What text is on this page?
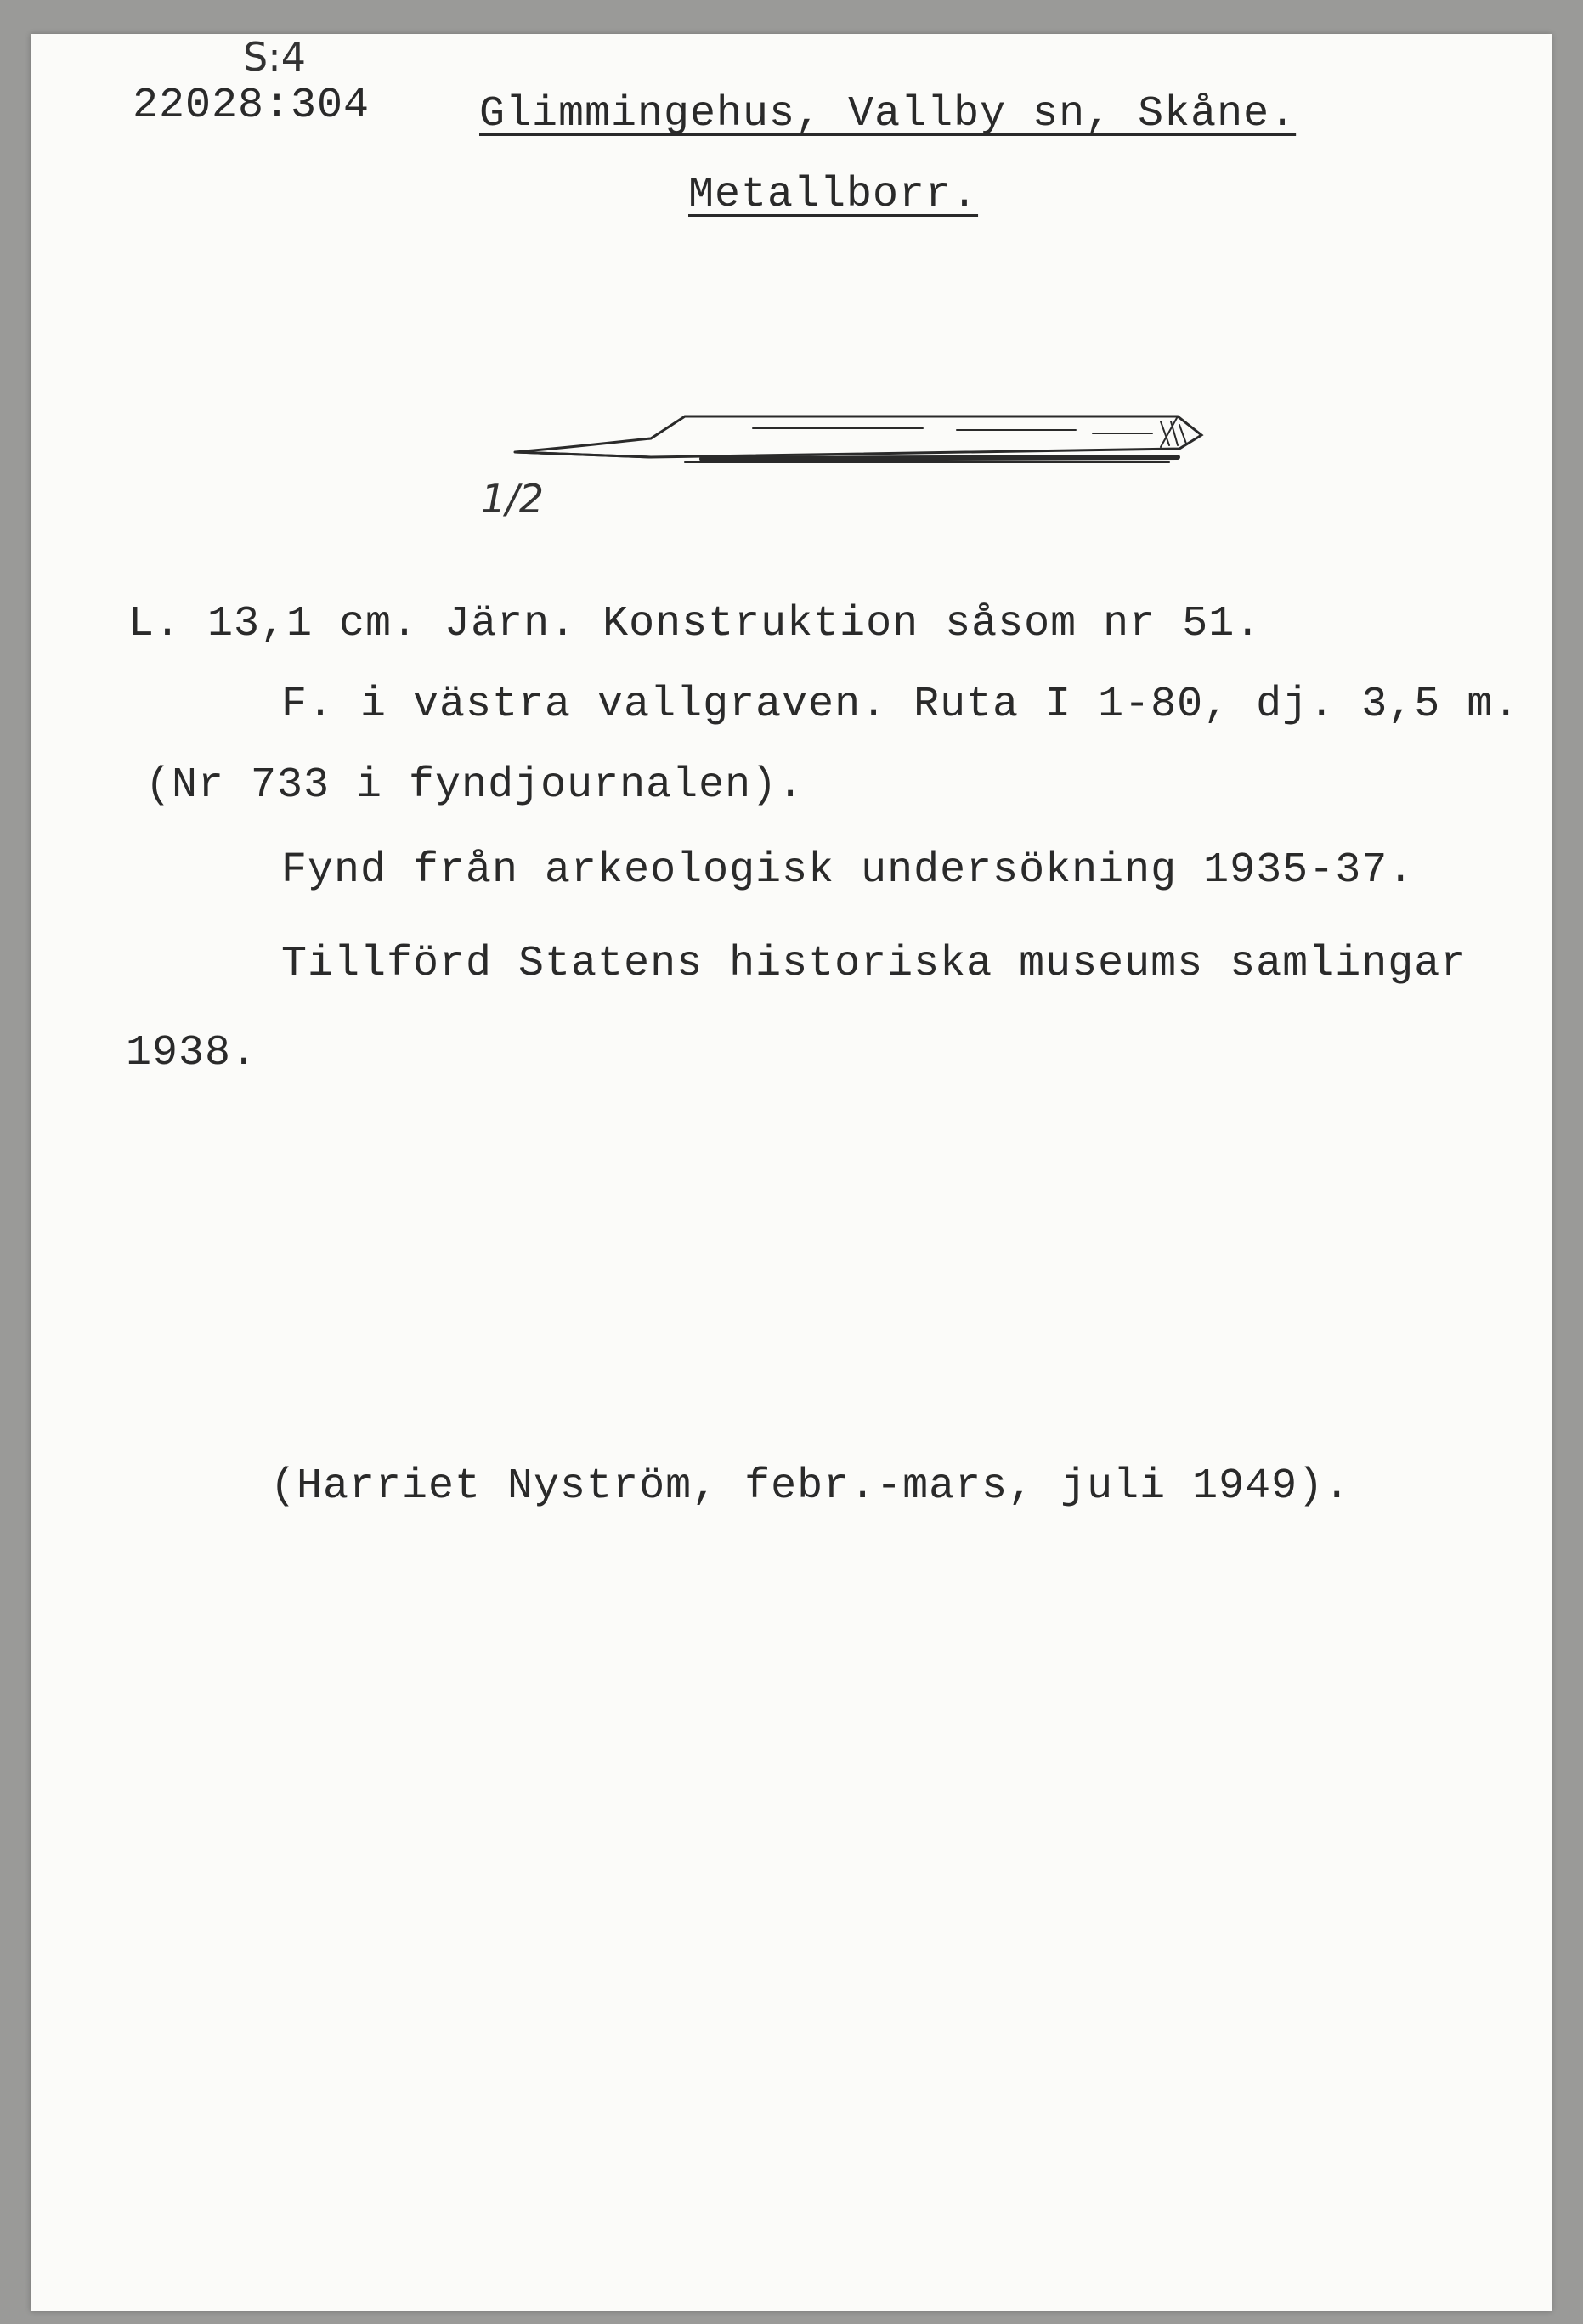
S:4
22028:304	Glimmingehus, Vallby sn, Skåne.
Metallborr.
1/2
L. 13,1 cm. Järn. Konstruktion såsom nr 51.
F. i västra vallgraven. Ruta I 1-80, dj. 3,5 m.
(Nr 733 i fyndjournalen).
Fynd från arkeologisk undersökning 1935-37.
Tillförd Statens historiska museums samlingar
1938.
(Harriet Nyström, febr.-mars, juli 1949).
